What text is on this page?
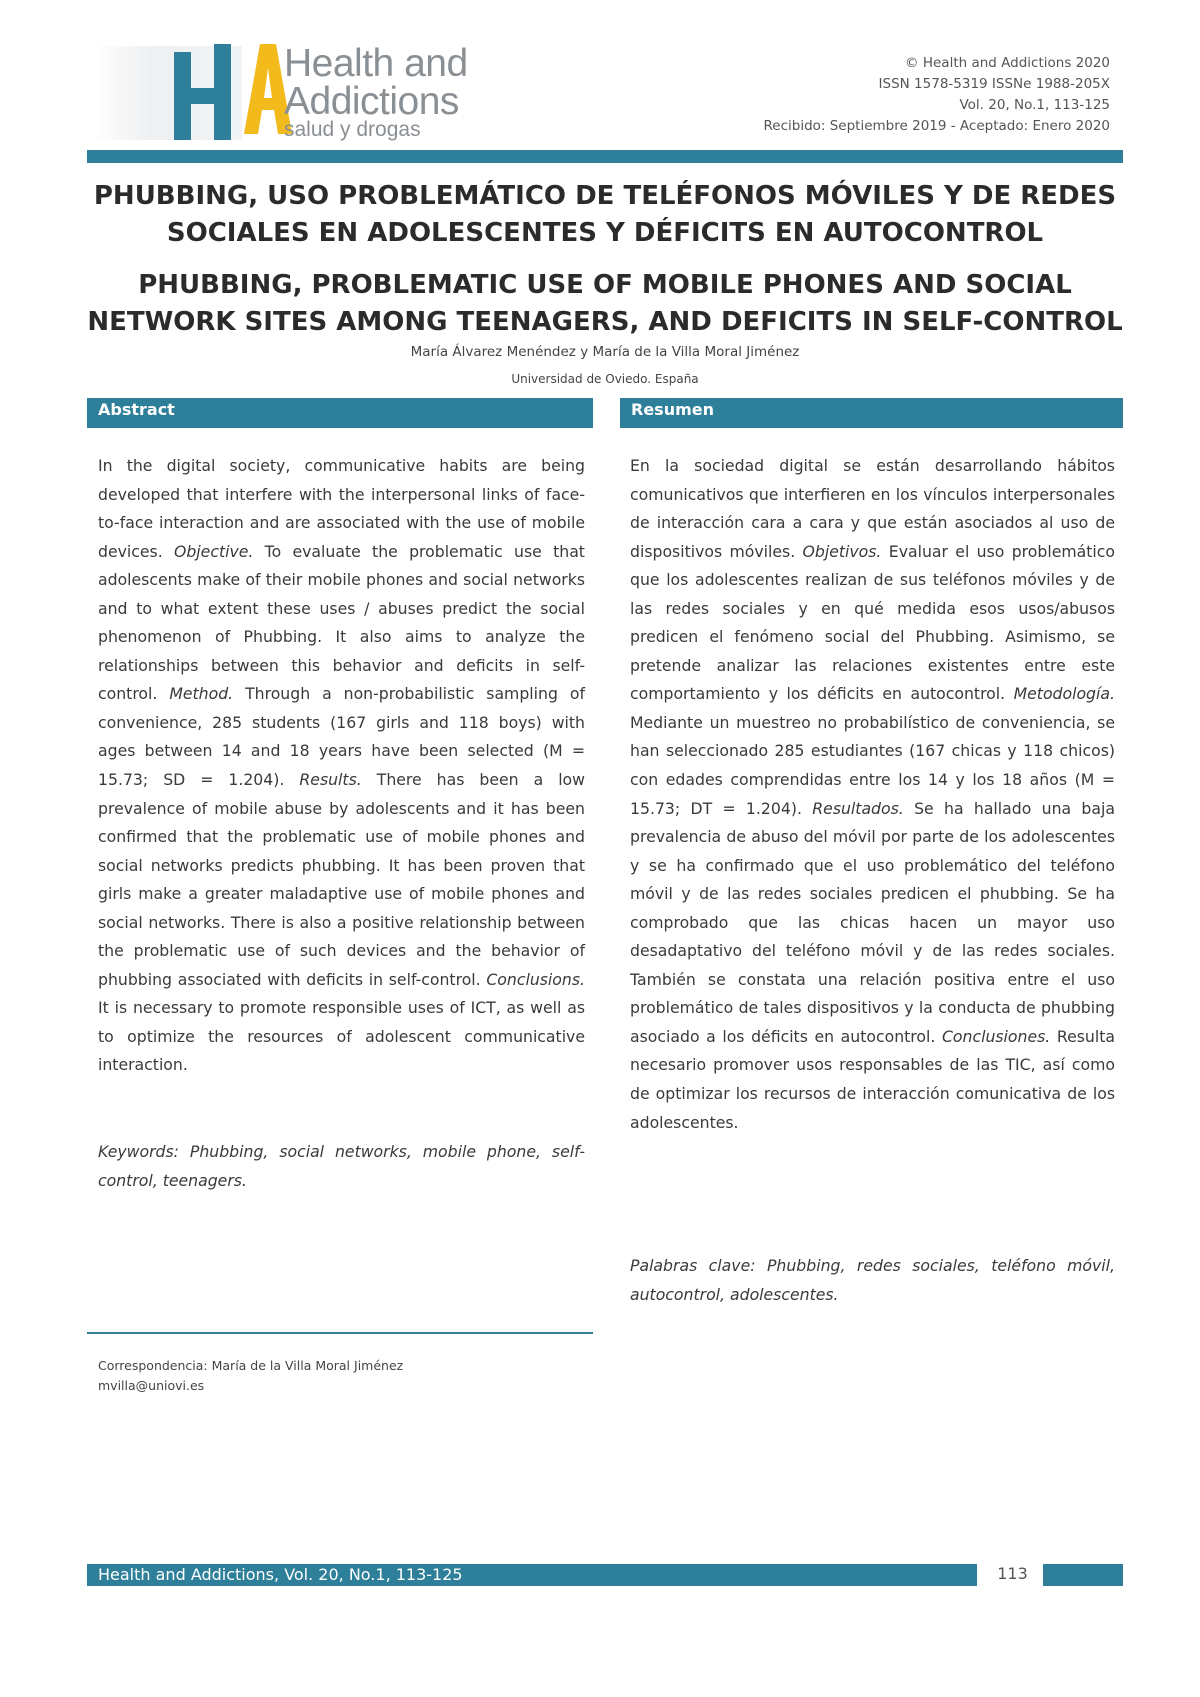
Health and
Addictions
salud y drogas
© Health and Addictions 2020
ISSN 1578-5319 ISSNe 1988-205X
Vol. 20, No.1, 113-125
Recibido: Septiembre 2019 - Aceptado: Enero 2020
PHUBBING, USO PROBLEMÁTICO DE TELÉFONOS MÓVILES Y DE REDES
SOCIALES EN ADOLESCENTES Y DÉFICITS EN AUTOCONTROL
PHUBBING, PROBLEMATIC USE OF MOBILE PHONES AND SOCIAL
NETWORK SITES AMONG TEENAGERS, AND DEFICITS IN SELF-CONTROL
María Álvarez Menéndez y María de la Villa Moral Jiménez
Universidad de Oviedo. España
Abstract	Resumen
In the digital society, communicative habits are being developed that interfere with the interpersonal links of face-to-face interaction and are associated with the use of mobile devices. Objective. To evaluate the problematic use that adolescents make of their mobile phones and social networks and to what extent these uses / abuses predict the social phenomenon of Phubbing. It also aims to analyze the relationships between this behavior and deficits in self-control. Method. Through a non-probabilistic sampling of convenience, 285 students (167 girls and 118 boys) with ages between 14 and 18 years have been selected (M = 15.73; SD = 1.204). Results. There has been a low prevalence of mobile abuse by adolescents and it has been confirmed that the problematic use of mobile phones and social networks predicts phubbing. It has been proven that girls make a greater maladaptive use of mobile phones and social networks. There is also a positive relationship between the problematic use of such devices and the behavior of phubbing associated with deficits in self-control. Conclusions. It is necessary to promote responsible uses of ICT, as well as to optimize the resources of adolescent communicative interaction.
Keywords: Phubbing, social networks, mobile phone, self-control, teenagers.
En la sociedad digital se están desarrollando hábitos comunicativos que interfieren en los vínculos interpersonales de interacción cara a cara y que están asociados al uso de dispositivos móviles. Objetivos. Evaluar el uso problemático que los adolescentes realizan de sus teléfonos móviles y de las redes sociales y en qué medida esos usos/abusos predicen el fenómeno social del Phubbing. Asimismo, se pretende analizar las relaciones existentes entre este comportamiento y los déficits en autocontrol. Metodología. Mediante un muestreo no probabilístico de conveniencia, se han seleccionado 285 estudiantes (167 chicas y 118 chicos) con edades comprendidas entre los 14 y los 18 años (M = 15.73; DT = 1.204). Resultados. Se ha hallado una baja prevalencia de abuso del móvil por parte de los adolescentes y se ha confirmado que el uso problemático del teléfono móvil y de las redes sociales predicen el phubbing. Se ha comprobado que las chicas hacen un mayor uso desadaptativo del teléfono móvil y de las redes sociales. También se constata una relación positiva entre el uso problemático de tales dispositivos y la conducta de phubbing asociado a los déficits en autocontrol. Conclusiones. Resulta necesario promover usos responsables de las TIC, así como de optimizar los recursos de interacción comunicativa de los adolescentes.
Palabras clave: Phubbing, redes sociales, teléfono móvil, autocontrol, adolescentes.
Correspondencia: María de la Villa Moral Jiménez
mvilla@uniovi.es
Health and Addictions, Vol. 20, No.1, 113-125	113
